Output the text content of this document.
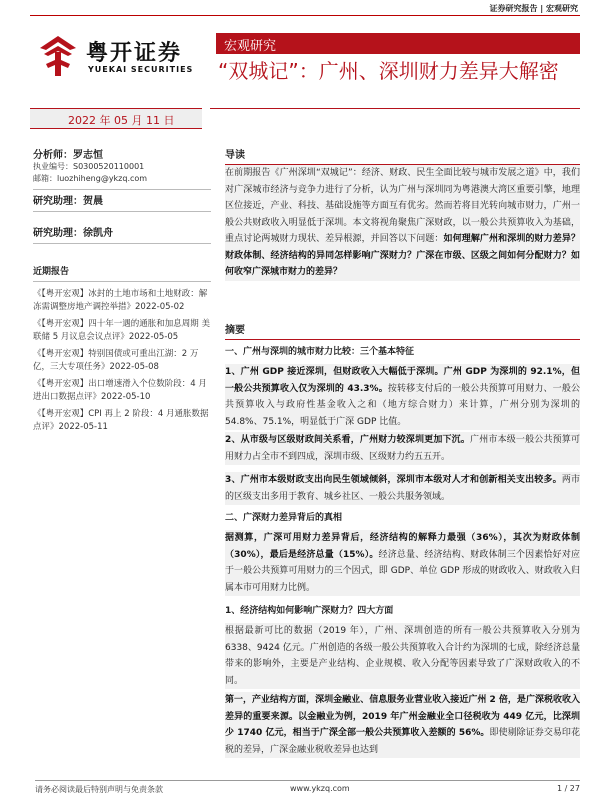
证券研究报告 | 宏观研究
粤开证券
YUEKAI SECURITIES
宏观研究
“双城记”：广州、深圳财力差异大解密
2022 年 05 月 11 日
分析师：罗志恒
执业编号：S0300520110001
邮箱：luozhiheng@ykzq.com
研究助理：贺晨
研究助理：徐凯舟
近期报告
《【粤开宏观】冰封的土地市场和土地财政：解冻需调整房地产调控举措》2022-05-02
《【粤开宏观】四十年一遇的通胀和加息周期 美联储 5 月议息会议点评》2022-05-05
《【粤开宏观】特别国债或可重出江湖：2 万亿，三大专项任务》2022-05-08
《【粤开宏观】出口增速滑入个位数阶段：4 月进出口数据点评》2022-05-10
《【粤开宏观】CPI 再上 2 阶段：4 月通胀数据点评》2022-05-11
导读
在前期报告《广州深圳“双城记”：经济、财政、民生全面比较与城市发展之道》中，我们对广深城市经济与竞争力进行了分析，认为广州与深圳同为粤港澳大湾区重要引擎，地理区位接近，产业、科技、基础设施等方面互有优劣。然而若将目光转向城市财力，广州一般公共财政收入明显低于深圳。本文将视角聚焦广深财政，以一般公共预算收入为基础，重点讨论两城财力现状、差异根源，并回答以下问题：如何理解广州和深圳的财力差异？财政体制、经济结构的异同怎样影响广深财力？广深在市级、区级之间如何分配财力？如何收窄广深城市财力的差异？
摘要
一、广州与深圳的城市财力比较：三个基本特征
1、广州 GDP 接近深圳，但财政收入大幅低于深圳。广州 GDP 为深圳的 92.1%，但一般公共预算收入仅为深圳的 43.3%。按转移支付后的一般公共预算可用财力、一般公共预算收入与政府性基金收入之和（地方综合财力）来计算，广州分别为深圳的 54.8%、75.1%，明显低于广深 GDP 比值。
2、从市级与区级财政间关系看，广州财力较深圳更加下沉。广州市本级一般公共预算可用财力占全市不到四成，深圳市级、区级财力约五五开。
3、广州市本级财政支出向民生领域倾斜，深圳市本级对人才和创新相关支出较多。两市的区级支出多用于教育、城乡社区、一般公共服务领域。
二、广深财力差异背后的真相
据测算，广深可用财力差异背后，经济结构的解释力最强（36%），其次为财政体制（30%），最后是经济总量（15%）。经济总量、经济结构、财政体制三个因素恰好对应于一般公共预算可用财力的三个因式，即 GDP、单位 GDP 形成的财政收入、财政收入归属本市可用财力比例。
1、经济结构如何影响广深财力？四大方面
根据最新可比的数据（2019 年），广州、深圳创造的所有一般公共预算收入分别为 6338、9424 亿元。广州创造的各级一般公共预算收入合计约为深圳的七成，除经济总量带来的影响外，主要是产业结构、企业规模、收入分配等因素导致了广深财政收入的不同。
第一，产业结构方面，深圳金融业、信息服务业营业收入接近广州 2 倍，是广深税收收入差异的重要来源。以金融业为例，2019 年广州金融业全口径税收为 449 亿元，比深圳少 1740 亿元，相当于广深全部一般公共预算收入差额的 56%。即使剔除证券交易印花税的差异，广深金融业税收差异也达到
请务必阅读最后特别声明与免责条款	www.ykzq.com	1 / 27
